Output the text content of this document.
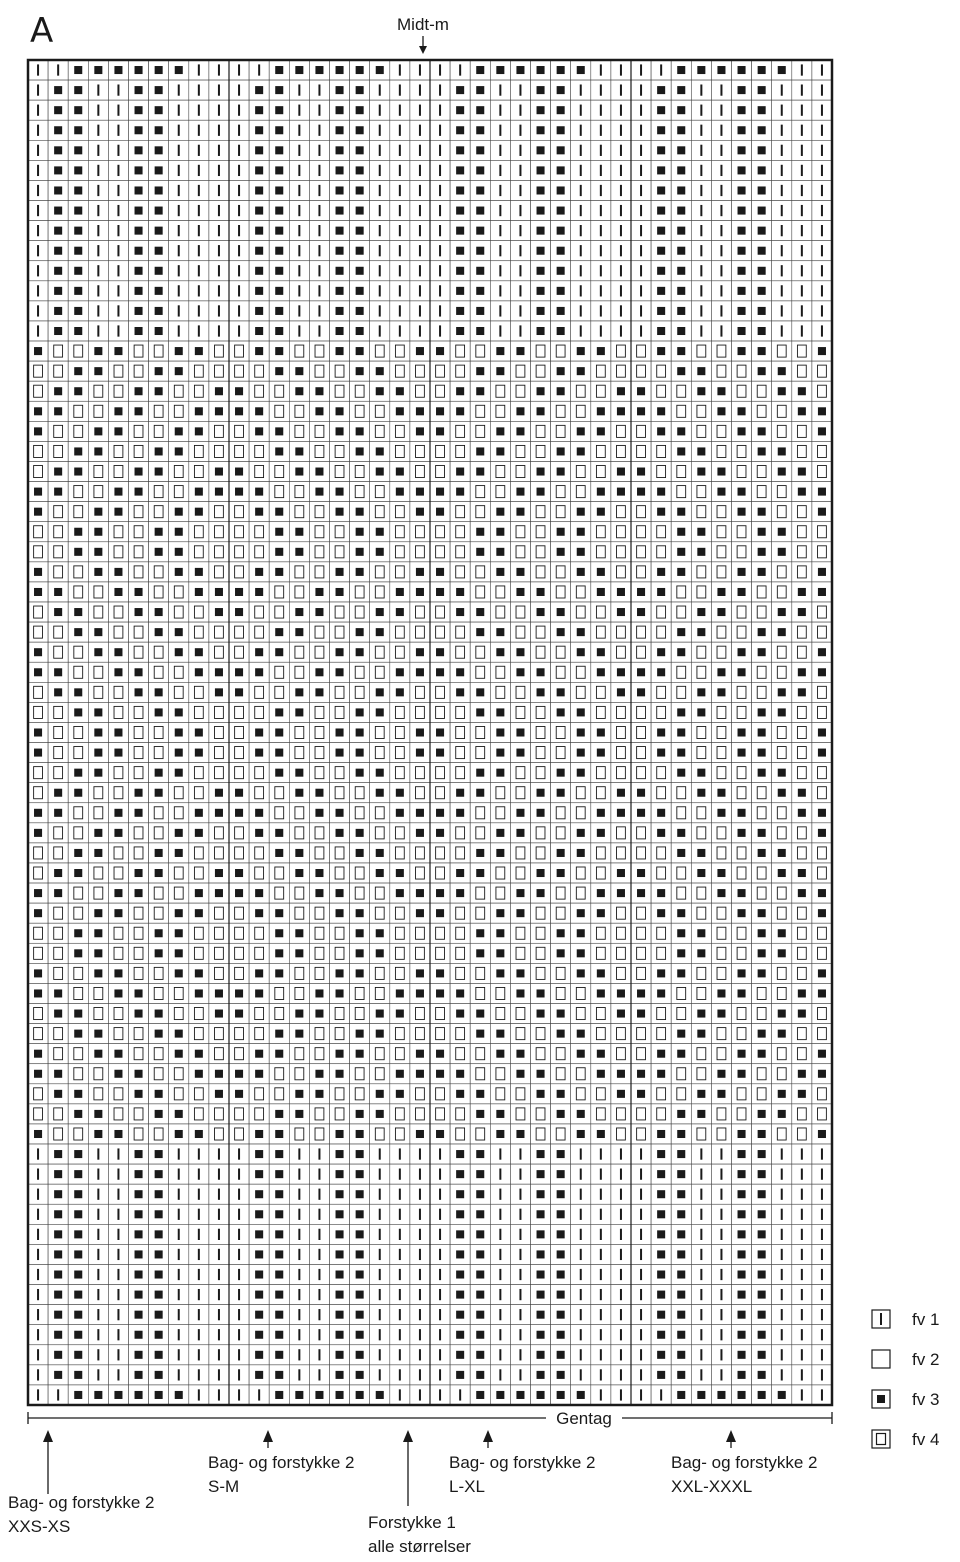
A	Midt-m
Gentag
Bag- og forstykke 2
XXS-XS
Bag- og forstykke 2
S-M
Forstykke 1
alle størrelser
Bag- og forstykke 2
L-XL
Bag- og forstykke 2
XXL-XXXL
fv 1
fv 2
fv 3
fv 4
